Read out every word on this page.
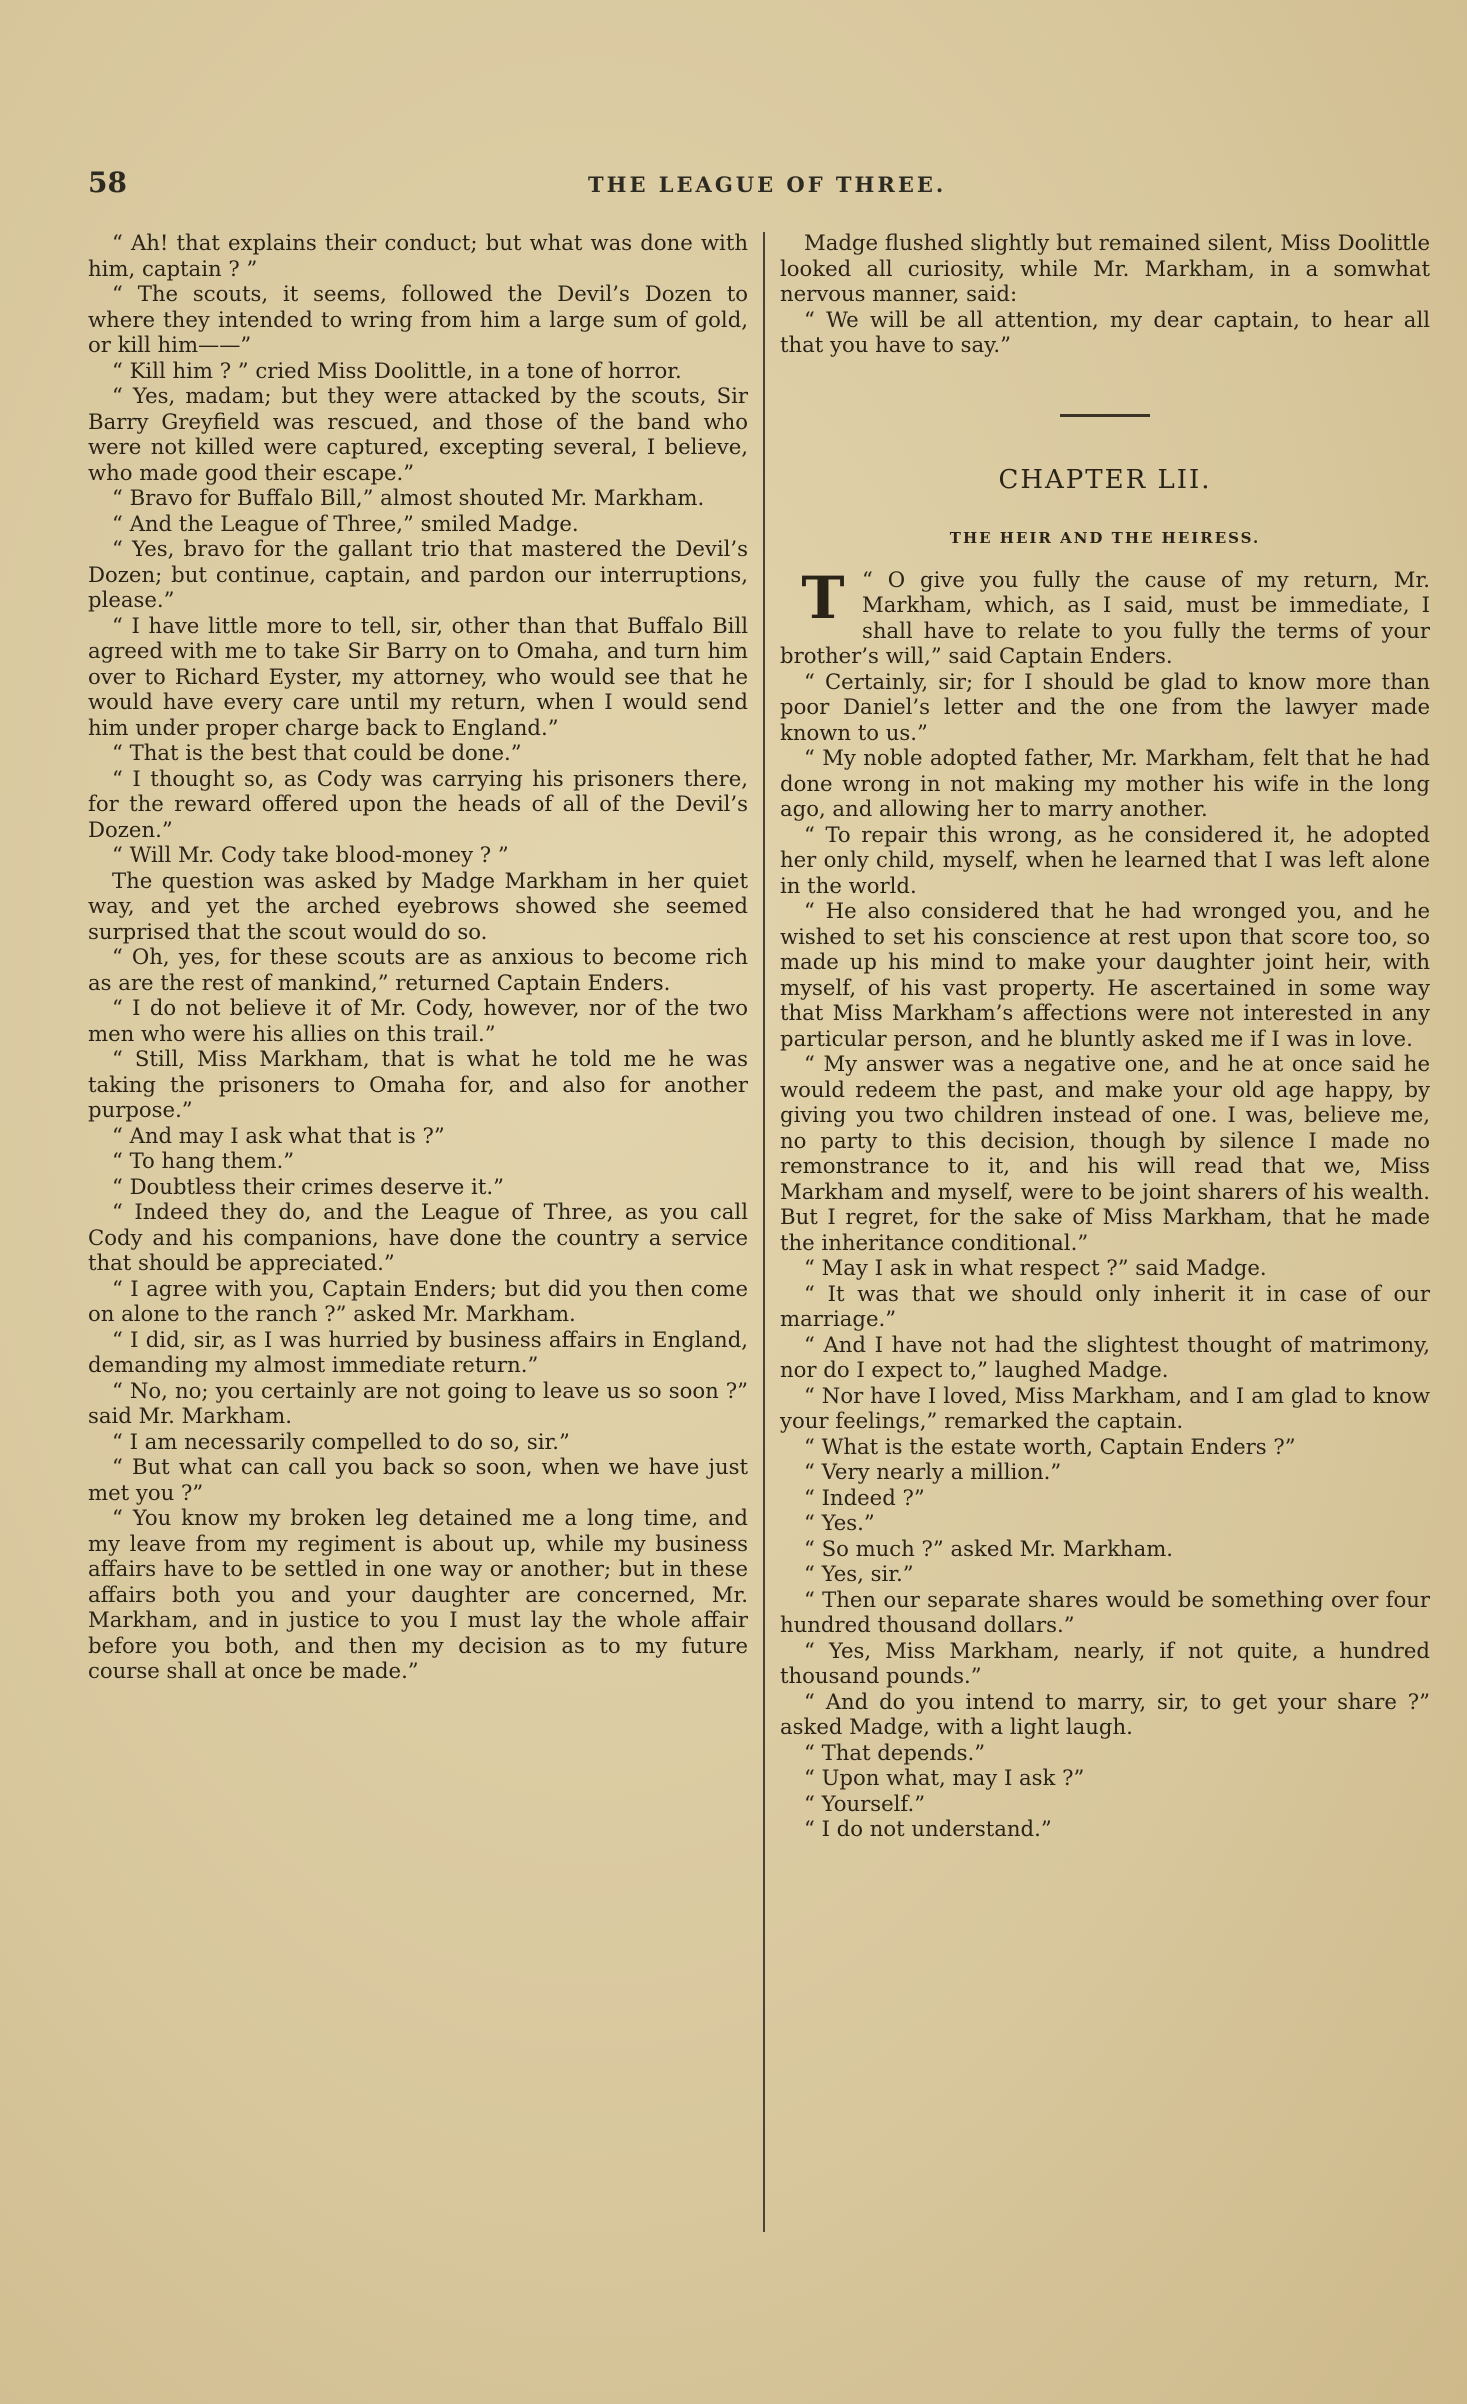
58	THE LEAGUE OF THREE.

“ Ah! that explains their conduct; but what was done with him, captain ? ”

“ The scouts, it seems, followed the Devil’s Dozen to where they intended to wring from him a large sum of gold, or kill him——”

“ Kill him ? ” cried Miss Doolittle, in a tone of horror.

“ Yes, madam; but they were attacked by the scouts, Sir Barry Greyfield was rescued, and those of the band who were not killed were captured, excepting several, I believe, who made good their escape.”

“ Bravo for Buffalo Bill,” almost shouted Mr. Markham.

“ And the League of Three,” smiled Madge.

“ Yes, bravo for the gallant trio that mastered the Devil’s Dozen; but continue, captain, and pardon our interruptions, please.”

“ I have little more to tell, sir, other than that Buffalo Bill agreed with me to take Sir Barry on to Omaha, and turn him over to Richard Eyster, my attorney, who would see that he would have every care until my return, when I would send him under proper charge back to England.”

“ That is the best that could be done.”

“ I thought so, as Cody was carrying his prisoners there, for the reward offered upon the heads of all of the Devil’s Dozen.”

“ Will Mr. Cody take blood-money ? ”

The question was asked by Madge Markham in her quiet way, and yet the arched eyebrows showed she seemed surprised that the scout would do so.

“ Oh, yes, for these scouts are as anxious to become rich as are the rest of mankind,” returned Captain Enders.

“ I do not believe it of Mr. Cody, however, nor of the two men who were his allies on this trail.”

“ Still, Miss Markham, that is what he told me he was taking the prisoners to Omaha for, and also for another purpose.”

“ And may I ask what that is ?”

“ To hang them.”

“ Doubtless their crimes deserve it.”

“ Indeed they do, and the League of Three, as you call Cody and his companions, have done the country a service that should be appreciated.”

“ I agree with you, Captain Enders; but did you then come on alone to the ranch ?” asked Mr. Markham.

“ I did, sir, as I was hurried by business affairs in England, demanding my almost immediate return.”

“ No, no; you certainly are not going to leave us so soon ?” said Mr. Markham.

“ I am necessarily compelled to do so, sir.”

“ But what can call you back so soon, when we have just met you ?”

“ You know my broken leg detained me a long time, and my leave from my regiment is about up, while my business affairs have to be settled in one way or another; but in these affairs both you and your daughter are concerned, Mr. Markham, and in justice to you I must lay the whole affair before you both, and then my decision as to my future course shall at once be made.”

Madge flushed slightly but remained silent, Miss Doolittle looked all curiosity, while Mr. Markham, in a somwhat nervous manner, said:

“ We will be all attention, my dear captain, to hear all that you have to say.”

CHAPTER LII.
THE HEIR AND THE HEIRESS.

T “ O give you fully the cause of my return, Mr. Markham, which, as I said, must be immediate, I shall have to relate to you fully the terms of your brother’s will,” said Captain Enders.

“ Certainly, sir; for I should be glad to know more than poor Daniel’s letter and the one from the lawyer made known to us.”

“ My noble adopted father, Mr. Markham, felt that he had done wrong in not making my mother his wife in the long ago, and allowing her to marry another.

“ To repair this wrong, as he considered it, he adopted her only child, myself, when he learned that I was left alone in the world.

“ He also considered that he had wronged you, and he wished to set his conscience at rest upon that score too, so made up his mind to make your daughter joint heir, with myself, of his vast property. He ascertained in some way that Miss Markham’s affections were not interested in any particular person, and he bluntly asked me if I was in love.

“ My answer was a negative one, and he at once said he would redeem the past, and make your old age happy, by giving you two children instead of one. I was, believe me, no party to this decision, though by silence I made no remonstrance to it, and his will read that we, Miss Markham and myself, were to be joint sharers of his wealth. But I regret, for the sake of Miss Markham, that he made the inheritance conditional.”

“ May I ask in what respect ?” said Madge.

“ It was that we should only inherit it in case of our marriage.”

“ And I have not had the slightest thought of matrimony, nor do I expect to,” laughed Madge.

“ Nor have I loved, Miss Markham, and I am glad to know your feelings,” remarked the captain.

“ What is the estate worth, Captain Enders ?”

“ Very nearly a million.”

“ Indeed ?”

“ Yes.”

“ So much ?” asked Mr. Markham.

“ Yes, sir.”

“ Then our separate shares would be something over four hundred thousand dollars.”

“ Yes, Miss Markham, nearly, if not quite, a hundred thousand pounds.”

“ And do you intend to marry, sir, to get your share ?” asked Madge, with a light laugh.

“ That depends.”

“ Upon what, may I ask ?”

“ Yourself.”

“ I do not understand.”
